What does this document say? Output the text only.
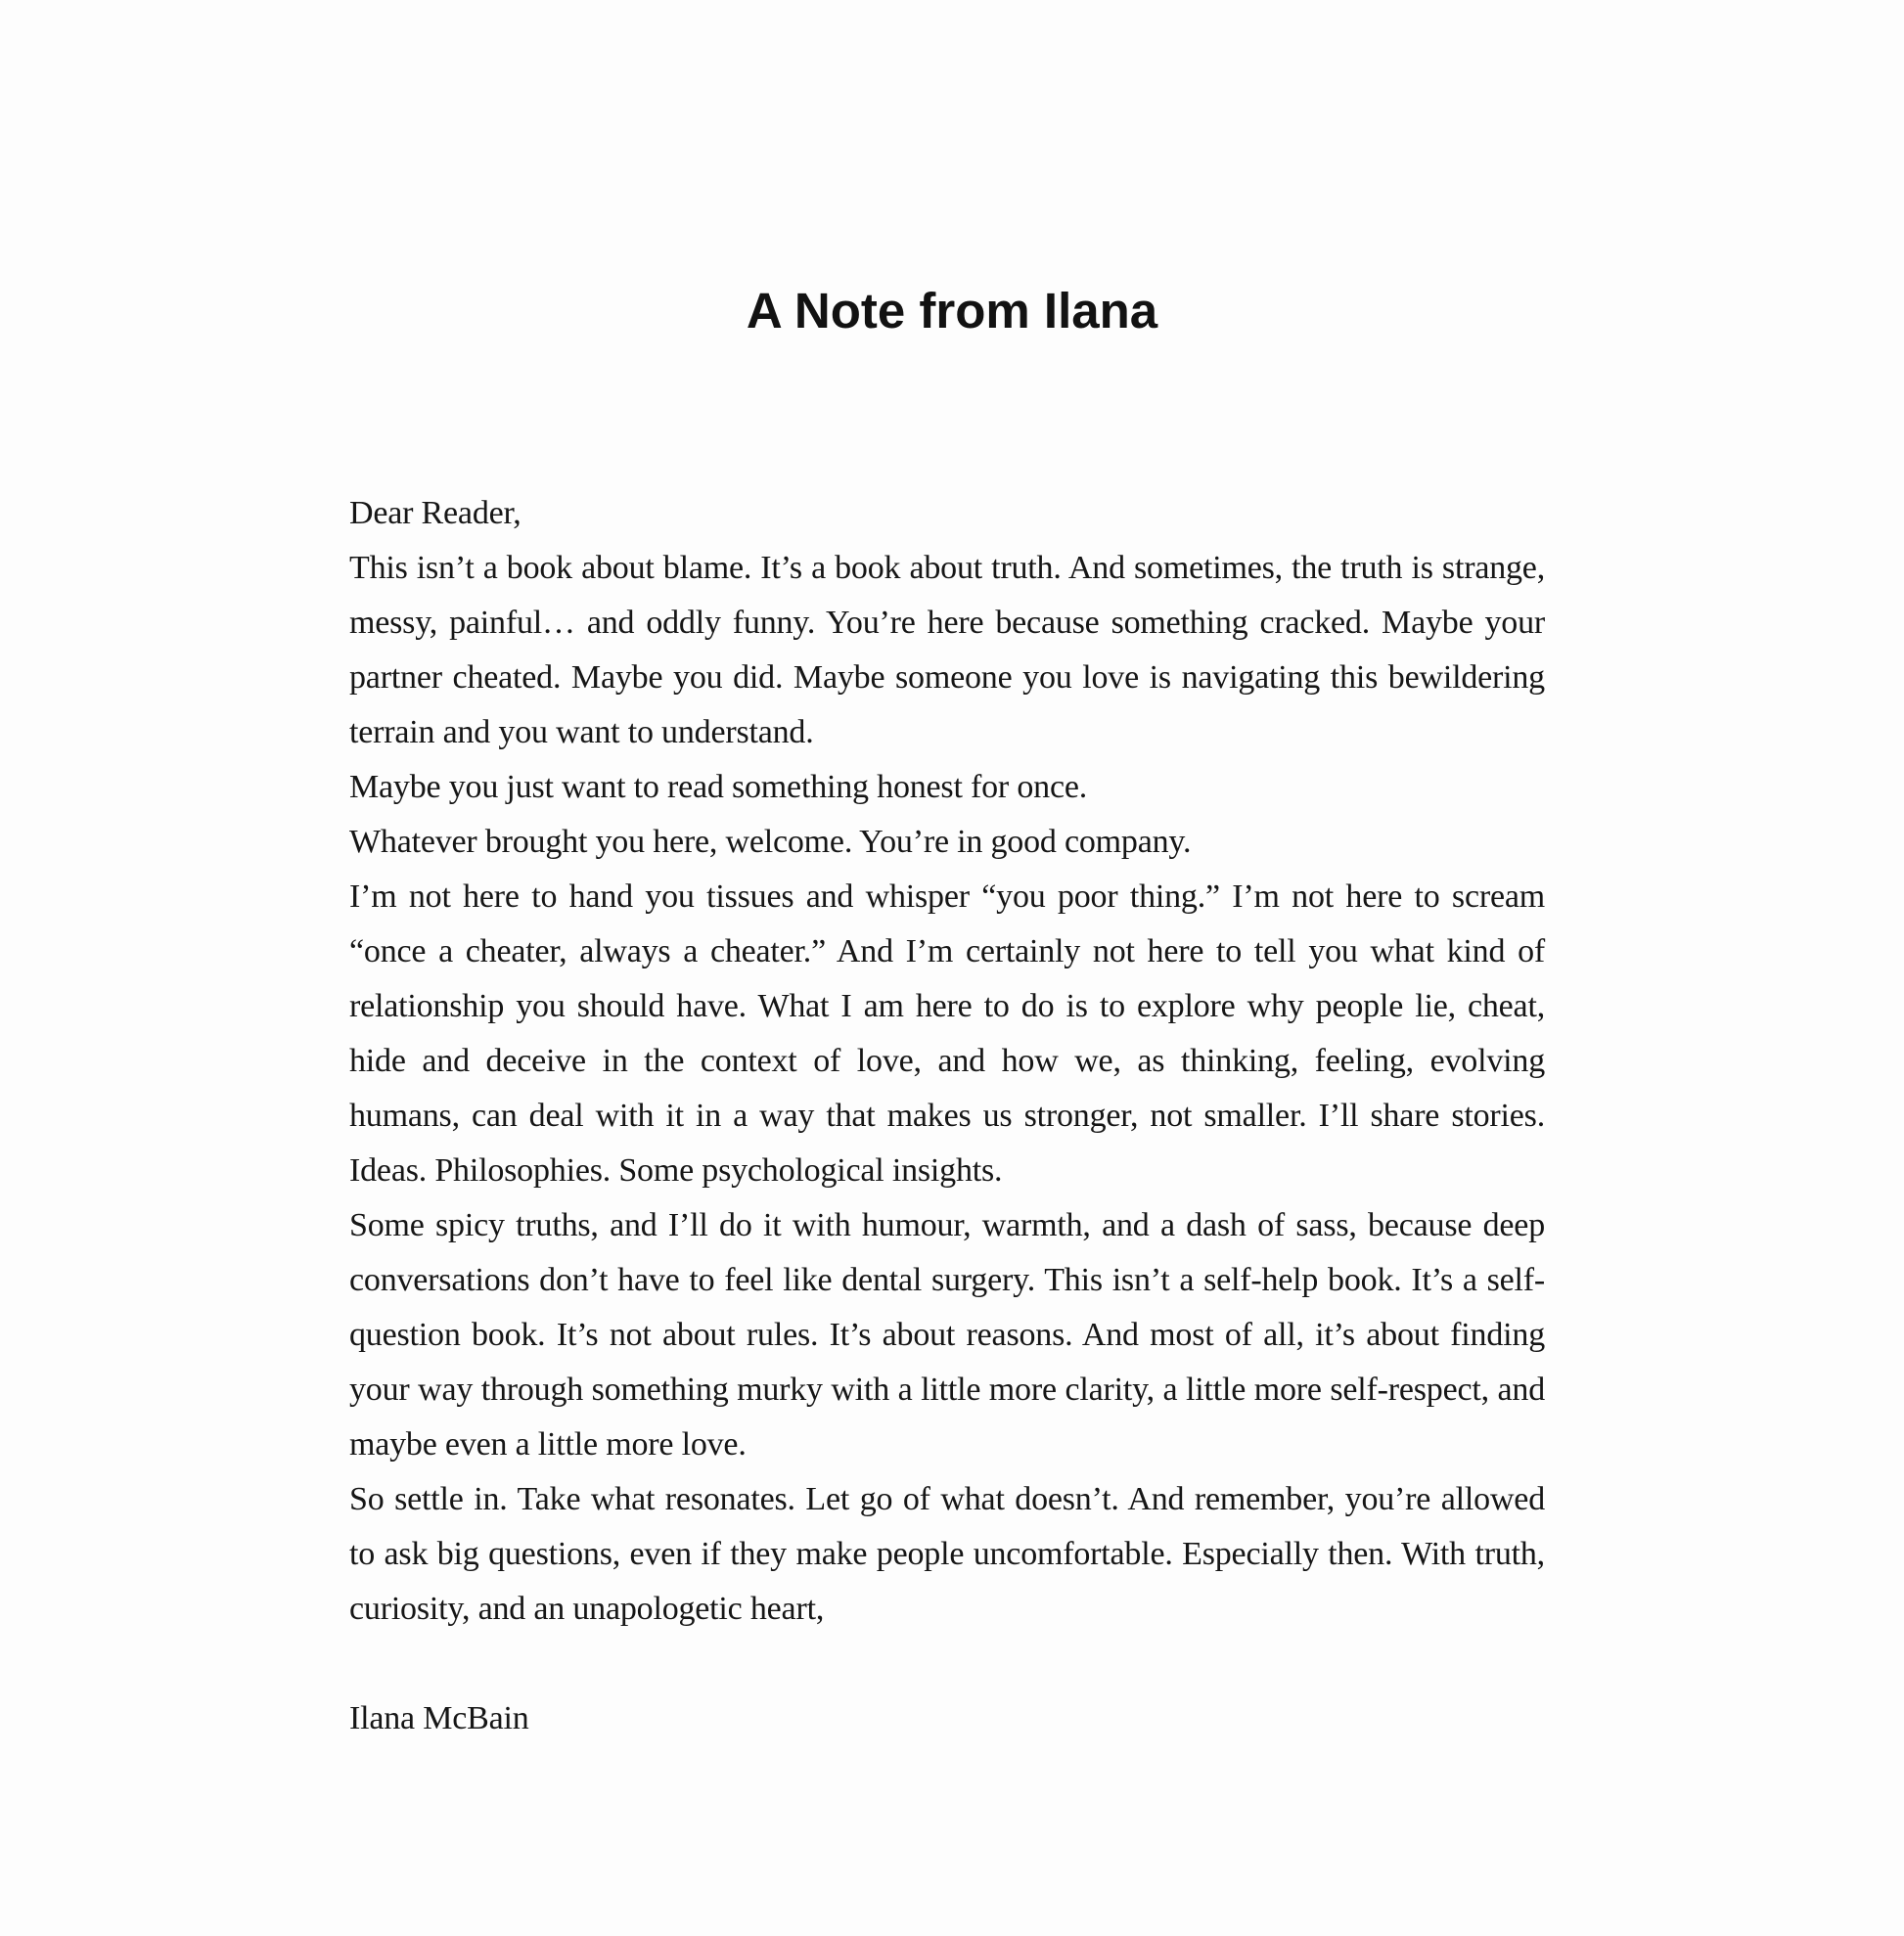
A Note from Ilana

Dear Reader,

This isn’t a book about blame. It’s a book about truth. And sometimes, the truth is strange, messy, painful… and oddly funny. You’re here because something cracked. Maybe your partner cheated. Maybe you did. Maybe someone you love is navigating this bewildering terrain and you want to understand.

Maybe you just want to read something honest for once.

Whatever brought you here, welcome. You’re in good company.

I’m not here to hand you tissues and whisper “you poor thing.” I’m not here to scream “once a cheater, always a cheater.” And I’m certainly not here to tell you what kind of relationship you should have. What I am here to do is to explore why people lie, cheat, hide and deceive in the context of love, and how we, as thinking, feeling, evolving humans, can deal with it in a way that makes us stronger, not smaller. I’ll share stories. Ideas. Philosophies. Some psychological insights.

Some spicy truths, and I’ll do it with humour, warmth, and a dash of sass, because deep conversations don’t have to feel like dental surgery. This isn’t a self-help book. It’s a self-question book. It’s not about rules. It’s about reasons. And most of all, it’s about finding your way through something murky with a little more clarity, a little more self-respect, and maybe even a little more love.

So settle in. Take what resonates. Let go of what doesn’t. And remember, you’re allowed to ask big questions, even if they make people uncomfortable. Especially then. With truth, curiosity, and an unapologetic heart,

Ilana McBain
